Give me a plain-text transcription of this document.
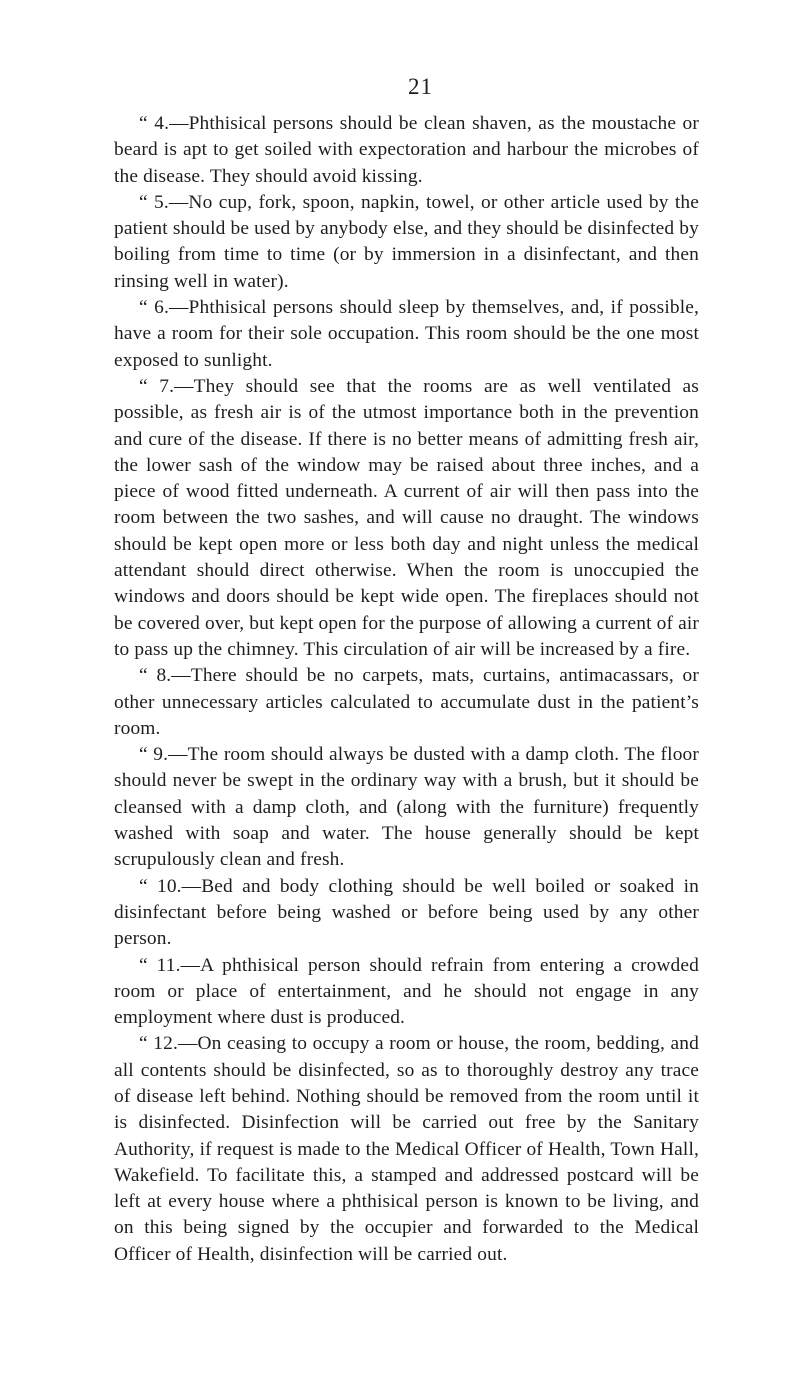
21

“ 4.—Phthisical persons should be clean shaven, as the moustache or beard is apt to get soiled with expectoration and harbour the microbes of the disease. They should avoid kissing.

“ 5.—No cup, fork, spoon, napkin, towel, or other article used by the patient should be used by anybody else, and they should be disinfected by boiling from time to time (or by immersion in a disinfectant, and then rinsing well in water).

“ 6.—Phthisical persons should sleep by themselves, and, if possible, have a room for their sole occupation. This room should be the one most exposed to sunlight.

“ 7.—They should see that the rooms are as well ventilated as possible, as fresh air is of the utmost importance both in the prevention and cure of the disease. If there is no better means of admitting fresh air, the lower sash of the window may be raised about three inches, and a piece of wood fitted underneath. A current of air will then pass into the room between the two sashes, and will cause no draught. The windows should be kept open more or less both day and night unless the medical attendant should direct otherwise. When the room is unoccupied the windows and doors should be kept wide open. The fireplaces should not be covered over, but kept open for the purpose of allowing a current of air to pass up the chimney. This circulation of air will be increased by a fire.

“ 8.—There should be no carpets, mats, curtains, antimacassars, or other unnecessary articles calculated to accumulate dust in the patient’s room.

“ 9.—The room should always be dusted with a damp cloth. The floor should never be swept in the ordinary way with a brush, but it should be cleansed with a damp cloth, and (along with the furniture) frequently washed with soap and water. The house generally should be kept scrupulously clean and fresh.

“ 10.—Bed and body clothing should be well boiled or soaked in disinfectant before being washed or before being used by any other person.

“ 11.—A phthisical person should refrain from entering a crowded room or place of entertainment, and he should not engage in any employment where dust is produced.

“ 12.—On ceasing to occupy a room or house, the room, bedding, and all contents should be disinfected, so as to thoroughly destroy any trace of disease left behind. Nothing should be removed from the room until it is disinfected. Disinfection will be carried out free by the Sanitary Authority, if request is made to the Medical Officer of Health, Town Hall, Wakefield. To facilitate this, a stamped and addressed postcard will be left at every house where a phthisical person is known to be living, and on this being signed by the occupier and forwarded to the Medical Officer of Health, disinfection will be carried out.
